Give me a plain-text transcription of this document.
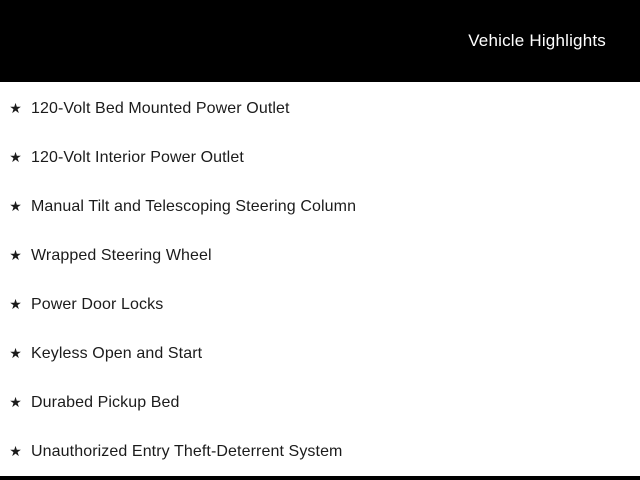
Vehicle Highlights
★ 120-Volt Bed Mounted Power Outlet
★ 120-Volt Interior Power Outlet
★ Manual Tilt and Telescoping Steering Column
★ Wrapped Steering Wheel
★ Power Door Locks
★ Keyless Open and Start
★ Durabed Pickup Bed
★ Unauthorized Entry Theft-Deterrent System
